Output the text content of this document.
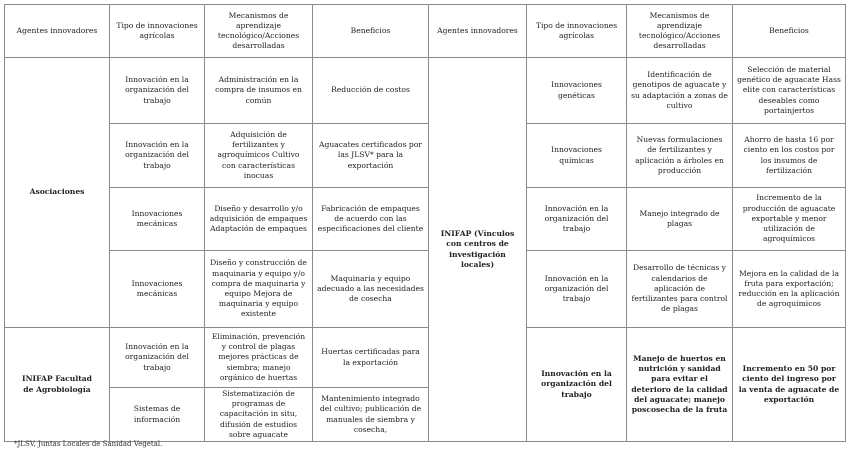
Agentes innovadores
Tipo de innovaciones agrícolas
Mecanismos de aprendizaje tecnológico/Acciones desarrolladas
Beneficios	Agentes innovadores
Tipo de innovaciones agrícolas
Mecanismos de aprendizaje tecnológico/Acciones desarrolladas
Beneficios
Asociaciones
INIFAP Facultad de Agrobiología
Innovación en la organización del trabajo
Administración en la compra de insumos en común
Reducción de costos
Innovación en la organización del trabajo
Adquisición de fertilizantes y agroquímicos Cultivo con características inocuas
Aguacates certificados por las JLSV* para la exportación
Innovaciones mecánicas
Diseño y desarrollo y/o adquisición de empaques Adaptación de empaques
Fabricación de empaques de acuerdo con las especificaciones del cliente
Innovaciones mecánicas
Diseño y construcción de maquinaria y equipo y/o compra de maquinaria y equipo Mejora de maquinaria y equipo existente
Maquinaria y equipo adecuado a las necesidades de cosecha
Innovación en la organización del trabajo
Eliminación, prevención y control de plagas mejores prácticas de siembra; manejo orgánico de huertas
Huertas certificadas para la exportación
Sistemas de información
Sistematización de programas de capacitación in situ, difusión de estudios sobre aguacate
Mantenimiento integrado del cultivo; publicación de manuales de siembra y cosecha,
INIFAP (Vínculos con centros de investigación locales)
Innovaciones genéticas
Identificación de genotipos de aguacate y su adaptación a zonas de cultivo
Selección de material genético de aguacate Hass elite con características deseables como portainjertos
Innovaciones químicas
Nuevas formulaciones de fertilizantes y aplicación a árboles en producción
Ahorro de hasta 16 por ciento en los costos por los insumos de fertilización
Innovación en la organización del trabajo
Manejo integrado de plagas
Incremento de la producción de aguacate exportable y menor utilización de agroquímicos
Innovación en la organización del trabajo
Desarrollo de técnicas y calendarios de aplicación de fertilizantes para control de plagas
Mejora en la calidad de la fruta para exportación; reducción en la aplicación de agroquímicos
Innovación en la organización del trabajo
Manejo de huertos en nutrición y sanidad para evitar el deterioro de la calidad del aguacate; manejo poscosecha de la fruta
Incremento en 50 por ciento del ingreso por la venta de aguacate de exportación
*JLSV, Juntas Locales de Sanidad Vegetal.
